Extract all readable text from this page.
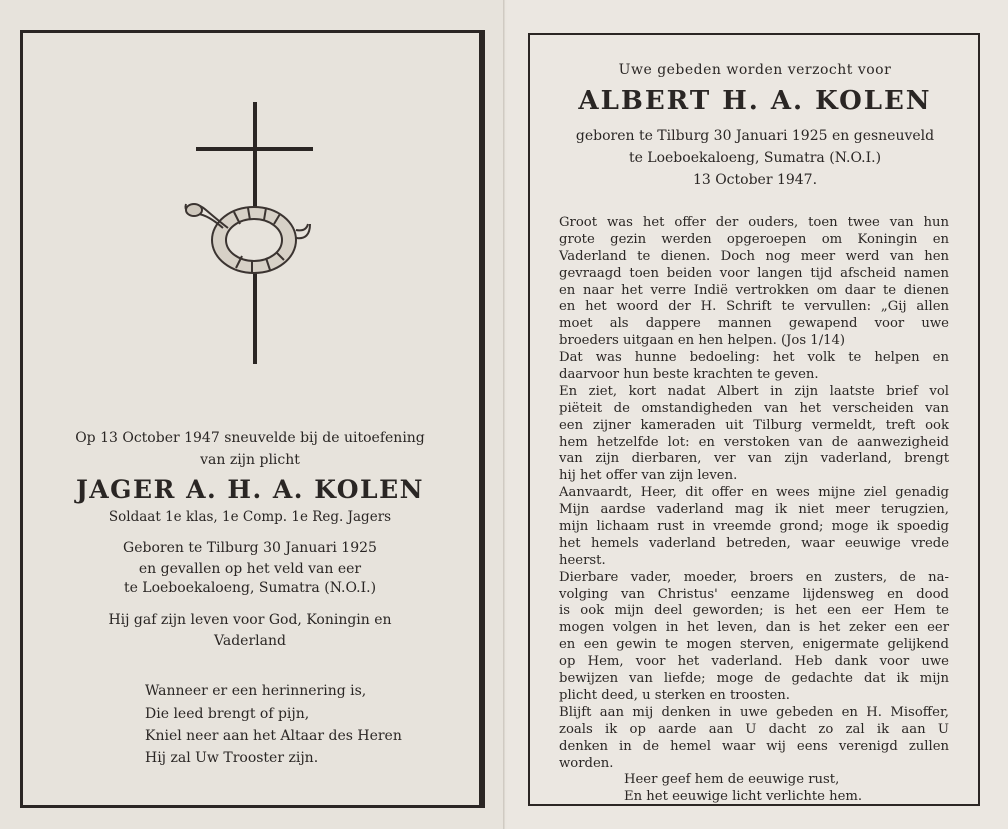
Op 13 October 1947 sneuvelde bij de uitoefening
van zijn plicht
JAGER A. H. A. KOLEN
Soldaat 1e klas, 1e Comp. 1e Reg. Jagers
Geboren te Tilburg 30 Januari 1925
en gevallen op het veld van eer
te Loeboekaloeng, Sumatra (N.O.I.)
Hij gaf zijn leven voor God, Koningin en
Vaderland
Wanneer er een herinnering is,
Die leed brengt of pijn,
Kniel neer aan het Altaar des Heren
Hij zal Uw Trooster zijn.
Uwe gebeden worden verzocht voor
ALBERT H. A. KOLEN
geboren te Tilburg 30 Januari 1925 en gesneuveld
te Loeboekaloeng, Sumatra (N.O.I.)
13 October 1947.
Groot was het offer der ouders, toen twee van hun
grote gezin werden opgeroepen om Koningin en
Vaderland te dienen. Doch nog meer werd van hen
gevraagd toen beiden voor langen tijd afscheid namen
en naar het verre Indië vertrokken om daar te dienen
en het woord der H. Schrift te vervullen: „Gij allen
moet als dappere mannen gewapend voor uwe
broeders uitgaan en hen helpen. (Jos 1/14)
Dat was hunne bedoeling: het volk te helpen en
daarvoor hun beste krachten te geven.
En ziet, kort nadat Albert in zijn laatste brief vol
piëteit de omstandigheden van het verscheiden van
een zijner kameraden uit Tilburg vermeldt, treft ook
hem hetzelfde lot: en verstoken van de aanwezigheid
van zijn dierbaren, ver van zijn vaderland, brengt
hij het offer van zijn leven.
Aanvaardt, Heer, dit offer en wees mijne ziel genadig
Mijn aardse vaderland mag ik niet meer terugzien,
mijn lichaam rust in vreemde grond; moge ik spoedig
het hemels vaderland betreden, waar eeuwige vrede
heerst.
Dierbare vader, moeder, broers en zusters, de na-
volging van Christus' eenzame lijdensweg en dood
is ook mijn deel geworden; is het een eer Hem te
mogen volgen in het leven, dan is het zeker een eer
en een gewin te mogen sterven, enigermate gelijkend
op Hem, voor het vaderland. Heb dank voor uwe
bewijzen van liefde; moge de gedachte dat ik mijn
plicht deed, u sterken en troosten.
Blijft aan mij denken in uwe gebeden en H. Misoffer,
zoals ik op aarde aan U dacht zo zal ik aan U
denken in de hemel waar wij eens verenigd zullen
worden.
Heer geef hem de eeuwige rust,
En het eeuwige licht verlichte hem.
